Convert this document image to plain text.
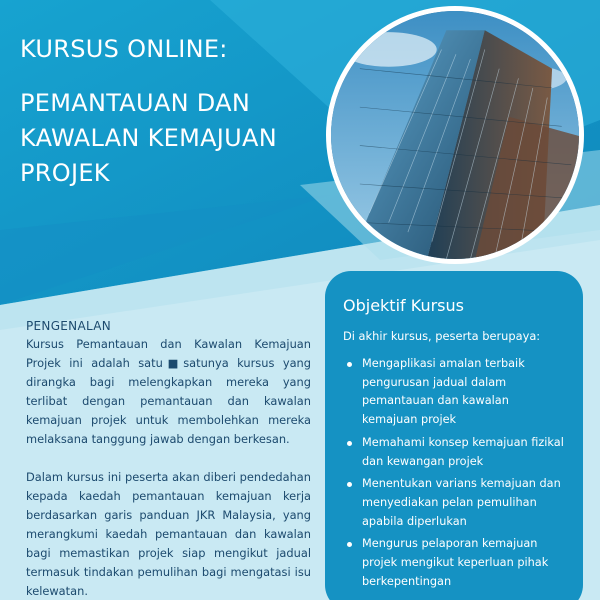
KURSUS ONLINE:
PEMANTAUAN DAN
KAWALAN KEMAJUAN
PROJEK
PENGENALAN

Kursus Pemantauan dan Kawalan Kemajuan Projek ini adalah satu■satunya kursus yang dirangka bagi melengkapkan mereka yang terlibat dengan pemantauan dan kawalan kemajuan projek untuk membolehkan mereka melaksana tanggung jawab dengan berkesan.

Dalam kursus ini peserta akan diberi pendedahan kepada kaedah pemantauan kemajuan kerja berdasarkan garis panduan JKR Malaysia, yang merangkumi kaedah pemantauan dan kawalan bagi memastikan projek siap mengikut jadual termasuk tindakan pemulihan bagi mengatasi isu kelewatan.

Objektif Kursus
Di akhir kursus, peserta berupaya:
Mengaplikasi amalan terbaik pengurusan jadual dalam pemantauan dan kawalan kemajuan projek
Memahami konsep kemajuan fizikal dan kewangan projek
Menentukan varians kemajuan dan menyediakan pelan pemulihan apabila diperlukan
Mengurus pelaporan kemajuan projek mengikut keperluan pihak berkepentingan
